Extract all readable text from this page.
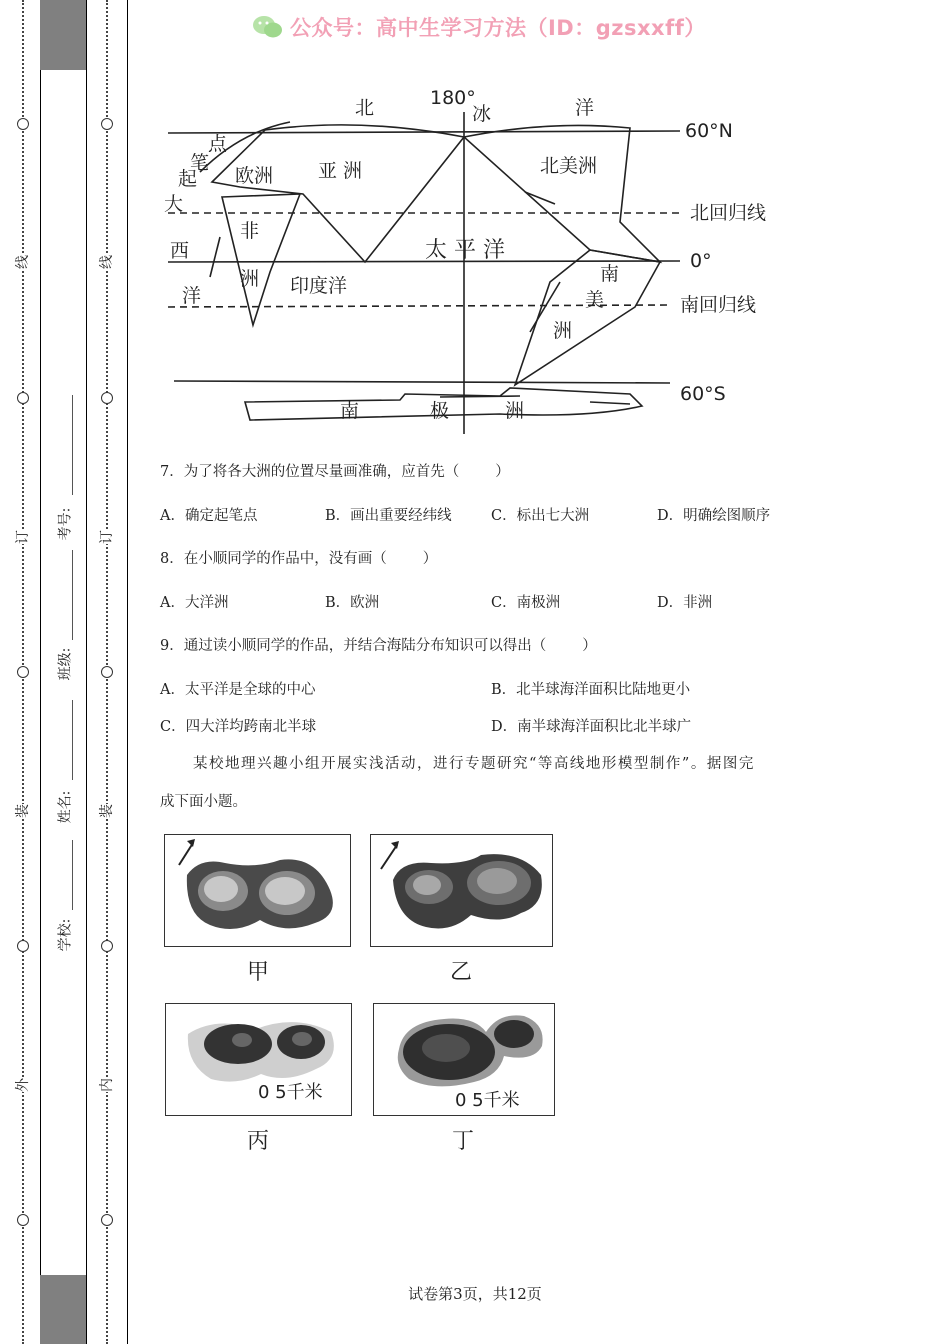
线
订
装
外
线
订
装
内
学校:
姓名:
班级:
考号:
公众号：高中生学习方法（ID：gzsxxff）
180°
60°N
北回归线
0°
南回归线
60°S
亚 洲
欧洲	北美洲
非
洲	南
美
洲
南	极	洲
太 平 洋
印度洋
北	冰	洋
大
西
洋
点
笔
起
7．为了将各大洲的位置尽量画准确，应首先（ ）
A．确定起笔点	B．画出重要经纬线	C．标出七大洲	D．明确绘图顺序
8．在小顺同学的作品中，没有画（ ）
A．大洋洲	B．欧洲	C．南极洲	D．非洲
9．通过读小顺同学的作品，并结合海陆分布知识可以得出（ ）
A．太平洋是全球的中心	B．北半球海洋面积比陆地更小
C．四大洋均跨南北半球	D．南半球海洋面积比北半球广
某校地理兴趣小组开展实浅活动，进行专题研究“等高线地形模型制作”。据图完
成下面小题。
甲	乙
0 5千米
丙
0 5千米
丁
试卷第3页，共12页
